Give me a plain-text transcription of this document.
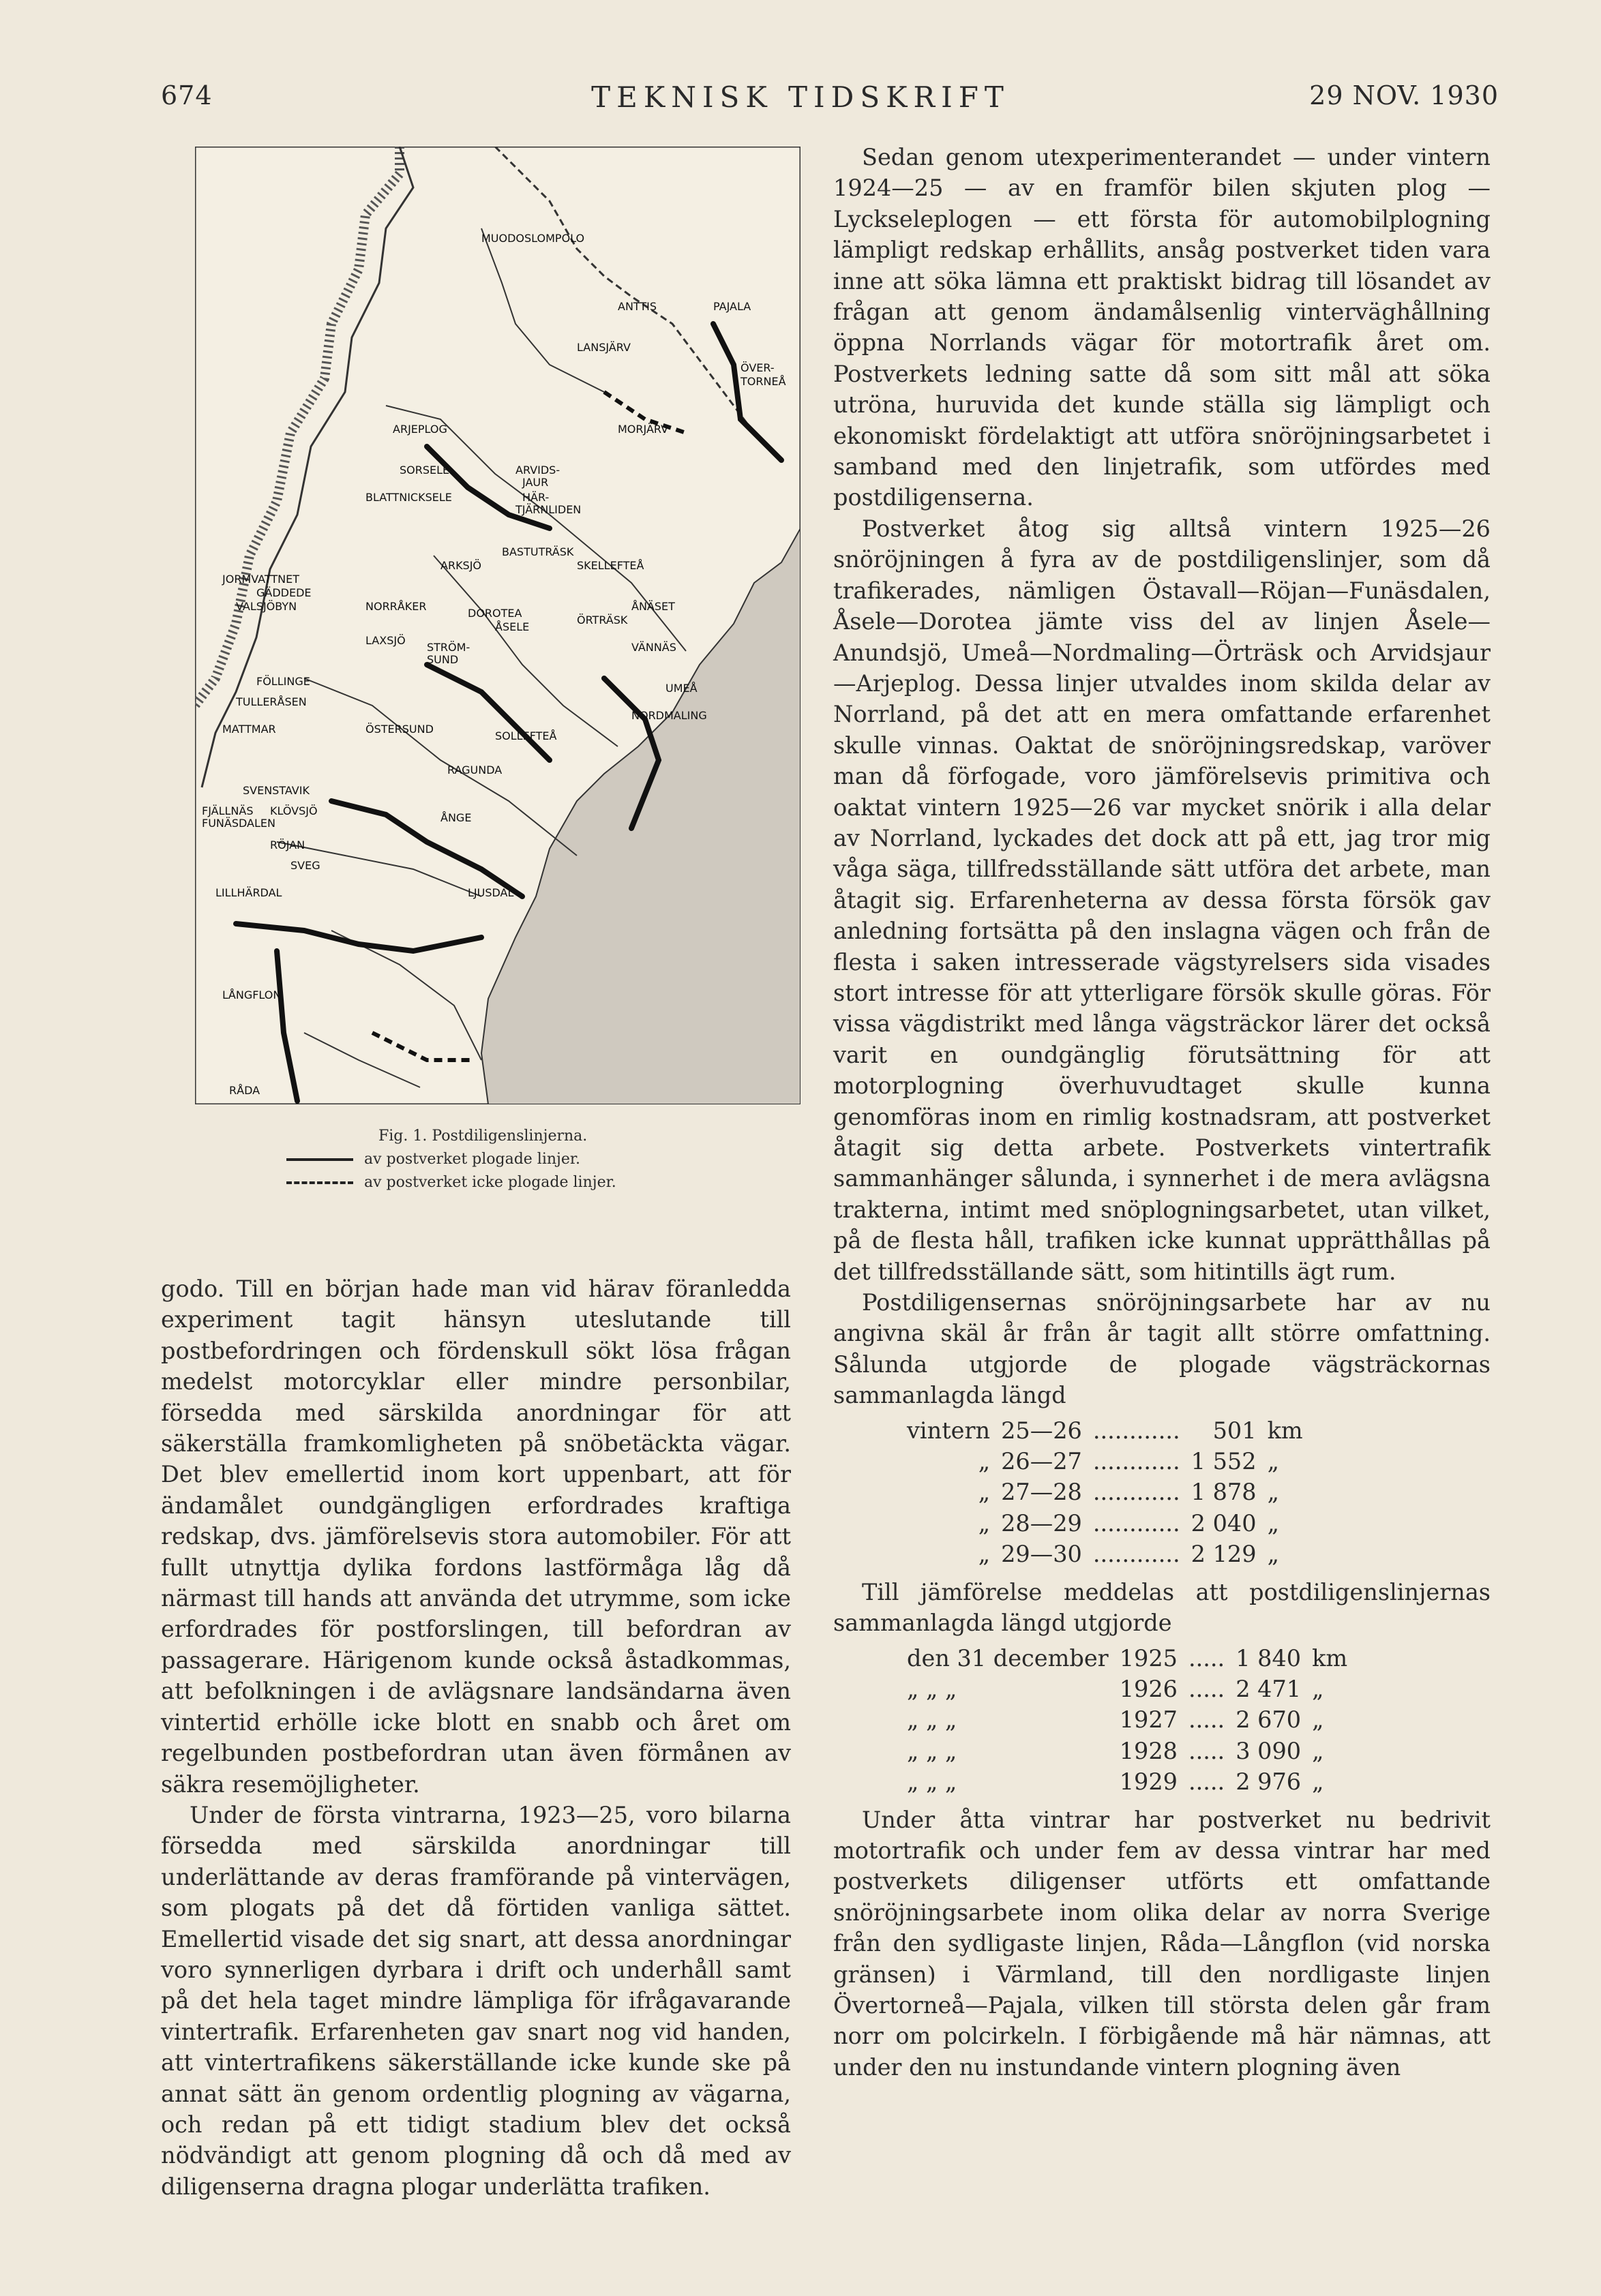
674	TEKNISK TIDSKRIFT	29 NOV. 1930
MUODOSLOMPOLO
ANTTIS	PAJALA
LANSJÄRV
ÖVER-
TORNEÅ
ARJEPLOG	MORJÄRV
SORSELE	ARVIDS-
JAUR
BLATTNICKSELE	HÄR-
TJÄRNLIDEN
ARKSJÖ
BASTUTRÄSK
SKELLEFTEÅ
JORMVATTNET
GÄDDEDE
NORRÅKER
VALSJÖBYN
DOROTEA
ÖRTRÄSK
ÅNÄSET
ÅSELE
LAXSJÖ
STRÖM-
SUND
VÄNNÄS
FÖLLINGE
UMEÅ
TULLERÅSEN
NORDMALING
ÖSTERSUND
MATTMAR
SOLLEFTEÅ
RAGUNDA
SVENSTAVIK
FJÄLLNÄS KLÖVSJÖ
FUNÄSDALEN	ÅNGE
RÖJAN
SVEG
LJUSDAL
LILLHÄRDAL
LÅNGFLON
RÅDA
Fig. 1. Postdiligenslinjerna.
av postverket plogade linjer.
av postverket icke plogade linjer.

godo. Till en början hade man vid härav föranledda experiment tagit hänsyn uteslutande till postbefordringen och fördenskull sökt lösa frågan medelst motorcyklar eller mindre personbilar, försedda med särskilda anordningar för att säkerställa framkomligheten på snöbetäckta vägar. Det blev emellertid inom kort uppenbart, att för ändamålet oundgängligen erfordrades kraftiga redskap, dvs. jämförelsevis stora automobiler. För att fullt utnyttja dylika fordons lastförmåga låg då närmast till hands att använda det utrymme, som icke erfordrades för postforslingen, till befordran av passagerare. Härigenom kunde också åstadkommas, att befolkningen i de avlägsnare landsändarna även vintertid erhölle icke blott en snabb och året om regelbunden postbefordran utan även förmånen av säkra resemöjligheter.

Under de första vintrarna, 1923—25, voro bilarna försedda med särskilda anordningar till underlättande av deras framförande på vintervägen, som plogats på det då förtiden vanliga sättet. Emellertid visade det sig snart, att dessa anordningar voro synnerligen dyrbara i drift och underhåll samt på det hela taget mindre lämpliga för ifrågavarande vintertrafik. Erfarenheten gav snart nog vid handen, att vintertrafikens säkerställande icke kunde ske på annat sätt än genom ordentlig plogning av vägarna, och redan på ett tidigt stadium blev det också nödvändigt att genom plogning då och då med av diligenserna dragna plogar underlätta trafiken.

Sedan genom utexperimenterandet — under vintern 1924—25 — av en framför bilen skjuten plog — Lyckseleplogen — ett första för automobilplogning lämpligt redskap erhållits, ansåg postverket tiden vara inne att söka lämna ett praktiskt bidrag till lösandet av frågan att genom ändamålsenlig vinterväghållning öppna Norrlands vägar för motortrafik året om. Postverkets ledning satte då som sitt mål att söka utröna, huruvida det kunde ställa sig lämpligt och ekonomiskt fördelaktigt att utföra snöröjningsarbetet i samband med den linjetrafik, som utfördes med postdiligenserna.

Postverket åtog sig alltså vintern 1925—26 snöröjningen å fyra av de postdiligenslinjer, som då trafikerades, nämligen Östavall—Röjan—Funäsdalen, Åsele—Dorotea jämte viss del av linjen Åsele—Anundsjö, Umeå—Nordmaling—Örträsk och Arvidsjaur—Arjeplog. Dessa linjer utvaldes inom skilda delar av Norrland, på det att en mera omfattande erfarenhet skulle vinnas. Oaktat de snöröjningsredskap, varöver man då förfogade, voro jämförelsevis primitiva och oaktat vintern 1925—26 var mycket snörik i alla delar av Norrland, lyckades det dock att på ett, jag tror mig våga säga, tillfredsställande sätt utföra det arbete, man åtagit sig. Erfarenheterna av dessa första försök gav anledning fortsätta på den inslagna vägen och från de flesta i saken intresserade vägstyrelsers sida visades stort intresse för att ytterligare försök skulle göras. För vissa vägdistrikt med långa vägsträckor lärer det också varit en oundgänglig förutsättning för att motorplogning överhuvudtaget skulle kunna genomföras inom en rimlig kostnadsram, att postverket åtagit sig detta arbete. Postverkets vintertrafik sammanhänger sålunda, i synnerhet i de mera avlägsna trakterna, intimt med snöplogningsarbetet, utan vilket, på de flesta håll, trafiken icke kunnat upprätthållas på det tillfredsställande sätt, som hitintills ägt rum.

Postdiligensernas snöröjningsarbete har av nu angivna skäl år från år tagit allt större omfattning. Sålunda utgjorde de plogade vägsträckornas sammanlagda längd

vintern	25—26	............	501	km
„	26—27	............	1 552	„
„	27—28	............	1 878	„
„	28—29	............	2 040	„
„	29—30	............	2 129	„

Till jämförelse meddelas att postdiligenslinjernas sammanlagda längd utgjorde

den 31 december	1925	.....	1 840	km
„ „ „	1926	.....	2 471	„
„ „ „	1927	.....	2 670	„
„ „ „	1928	.....	3 090	„
„ „ „	1929	.....	2 976	„

Under åtta vintrar har postverket nu bedrivit motortrafik och under fem av dessa vintrar har med postverkets diligenser utförts ett omfattande snöröjningsarbete inom olika delar av norra Sverige från den sydligaste linjen, Råda—Långflon (vid norska gränsen) i Värmland, till den nordligaste linjen Övertorneå—Pajala, vilken till största delen går fram norr om polcirkeln. I förbigående må här nämnas, att under den nu instundande vintern plogning även
